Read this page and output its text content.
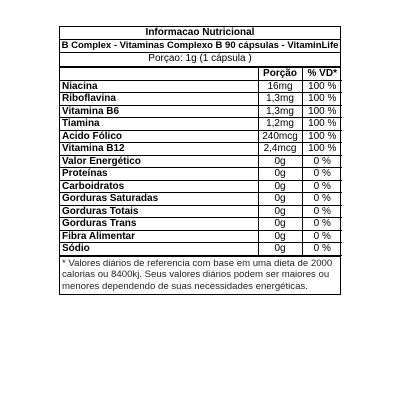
Informacao Nutricional
B Complex - Vitaminas Complexo B 90 cápsulas - VitaminLife
Porçao: 1g (1 cápsula )
	Porção	% VD*
Niacina	16mg	100 %
Riboflavina	1,3mg	100 %
Vitamina B6	1,3mg	100 %
Tiamina	1,2mg	100 %
Ácido Fólico	240mcg	100 %
Vitamina B12	2,4mcg	100 %
Valor Energético	0g	0 %
Proteínas	0g	0 %
Carboidratos	0g	0 %
Gorduras Saturadas	0g	0 %
Gorduras Totais	0g	0 %
Gorduras Trans	0g	0 %
Fibra Alimentar	0g	0 %
Sódio	0g	0 %
* Valores diários de referencia com base em uma dieta de 2000 calorias ou 8400kj. Seus valores diários podem ser maiores ou menores dependendo de suas necessidades energéticas.
